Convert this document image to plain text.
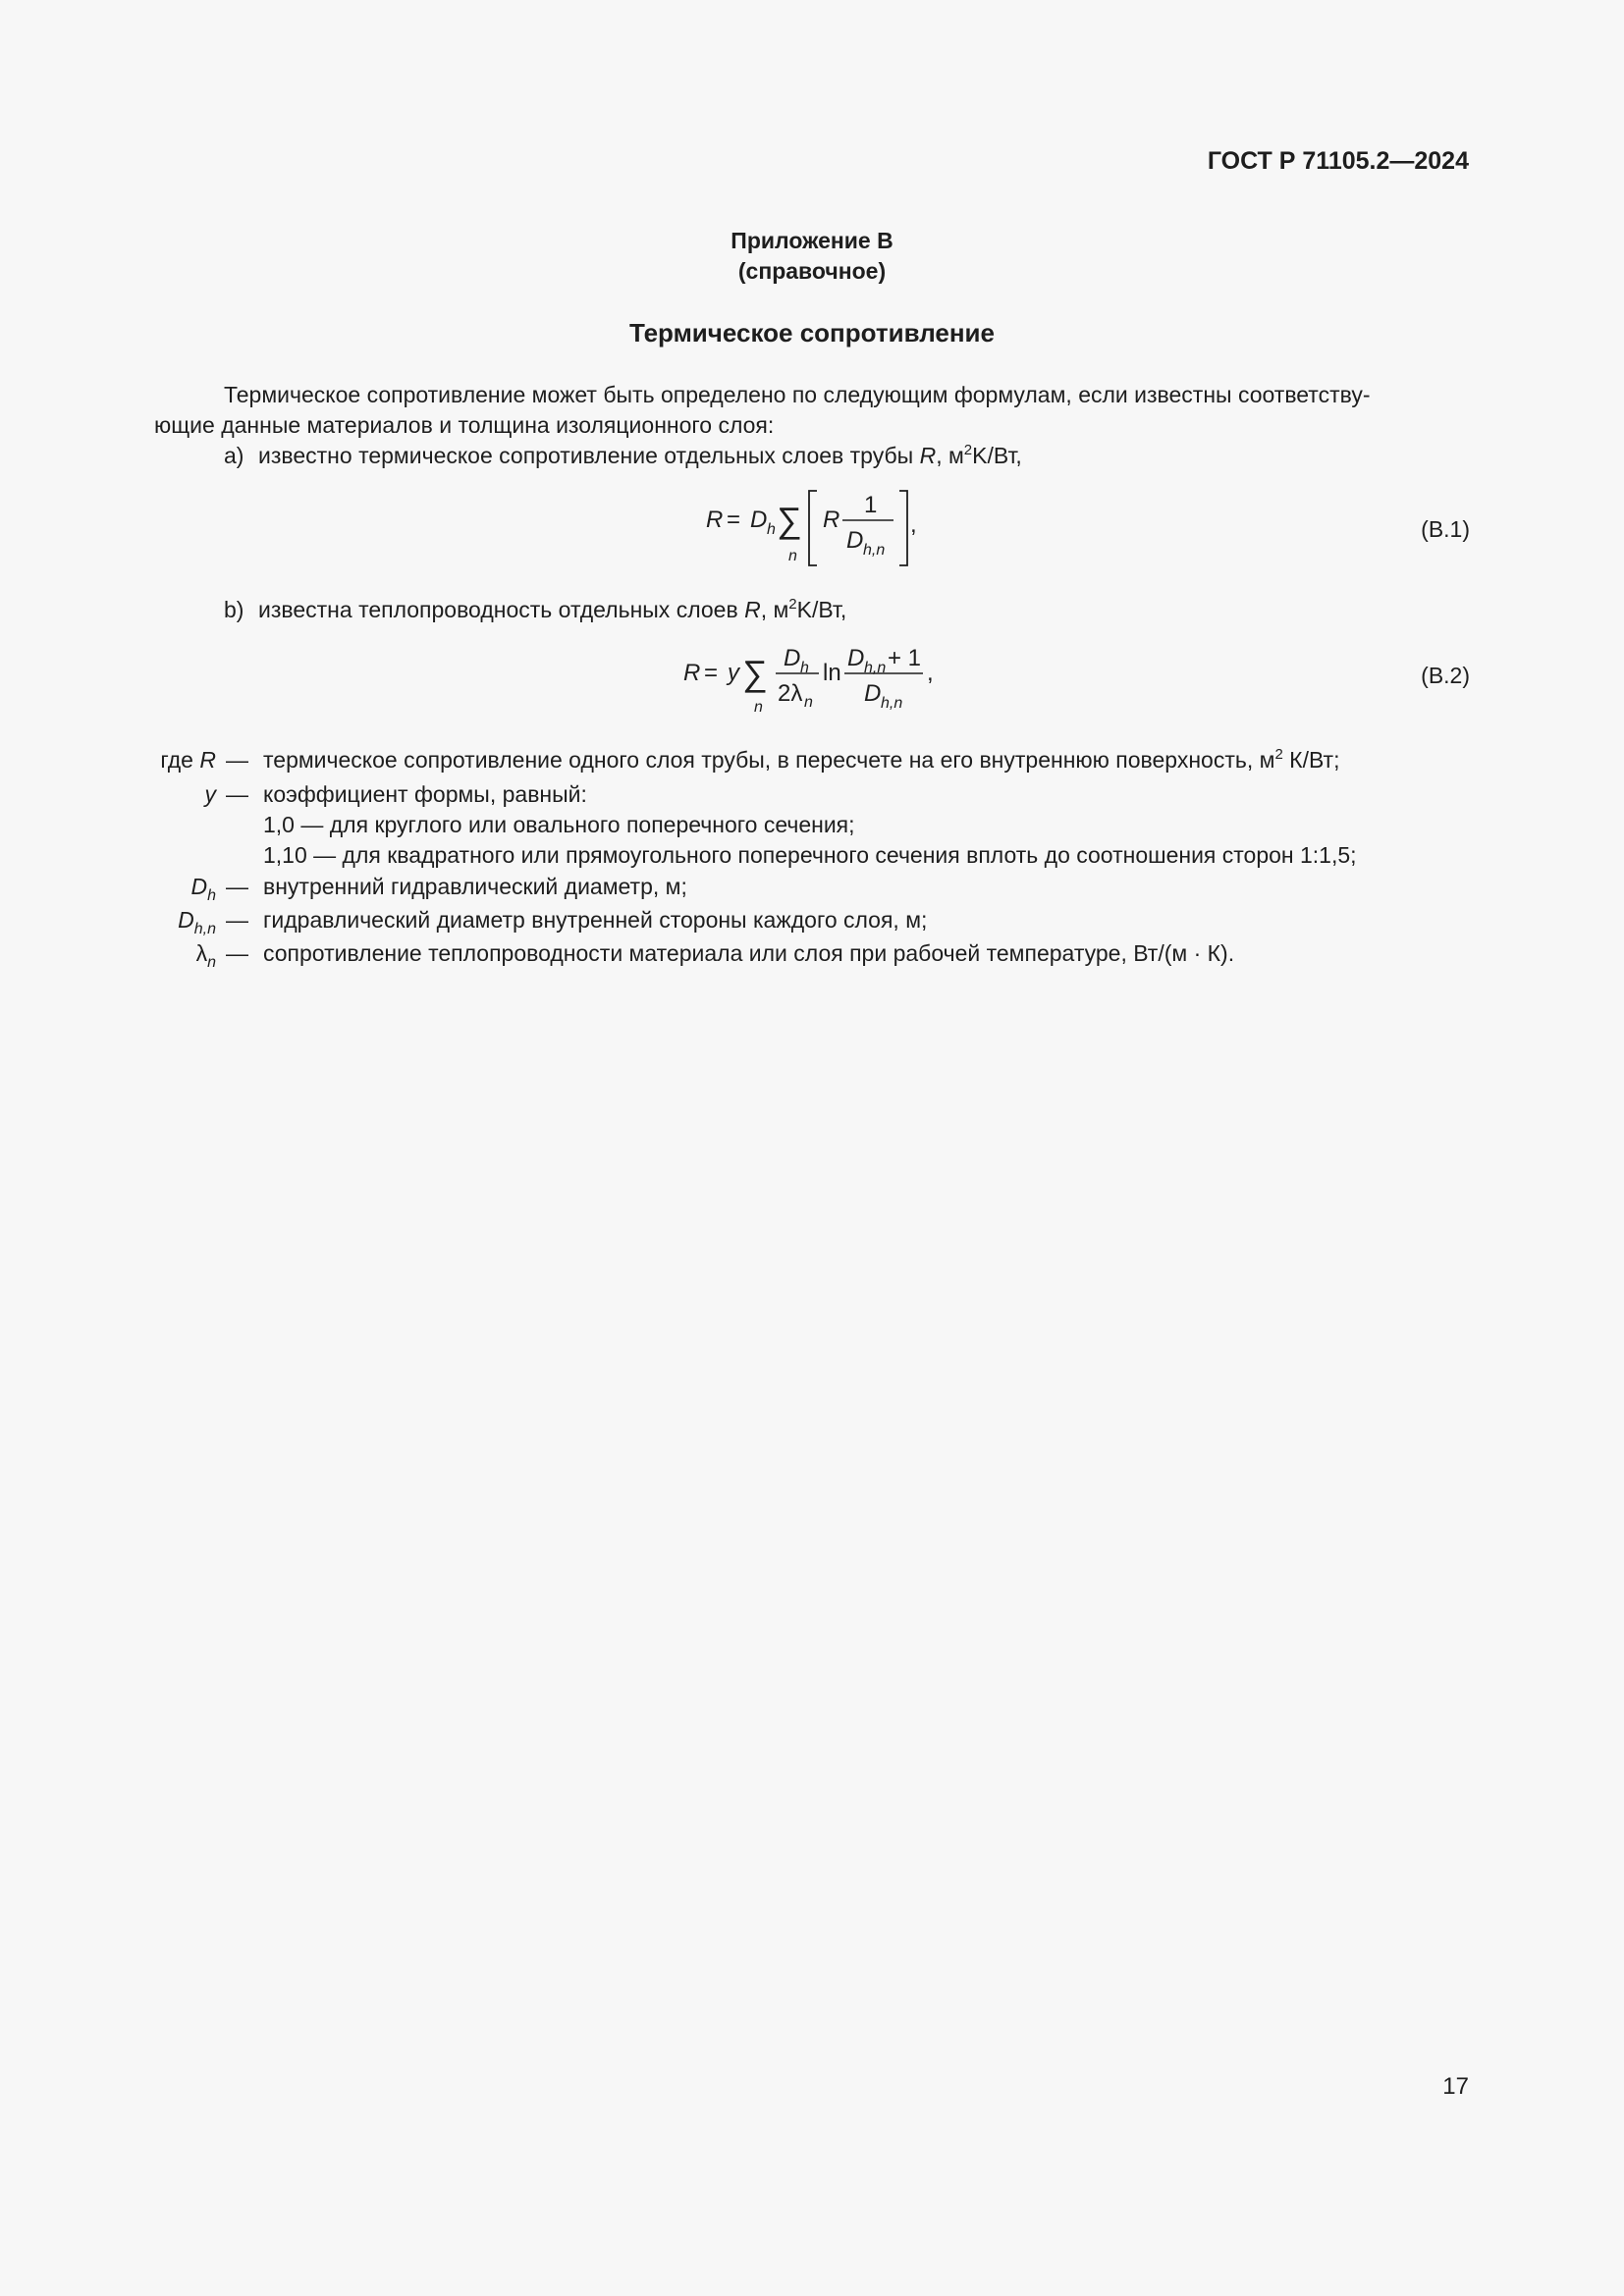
ГОСТ Р 71105.2—2024
Приложение В
(справочное)
Термическое сопротивление
Термическое сопротивление может быть определено по следующим формулам, если известны соответству-
ющие данные материалов и толщина изоляционного слоя:
а) известно термическое сопротивление отдельных слоев трубы R, $м^2K/Вт$,
R = D h ∑
n
R
1
D h,n
,	(В.1)
b) известна теплопроводность отдельных слоев R, $м^2K/Вт$,
R = y ∑
n
D h
2λ n
ln
D h,n + 1
D h,n
,	(В.2)
где R — термическое сопротивление одного слоя трубы, в пересчете на его внутреннюю поверхность, $м^2$ К/Вт;
y — коэффициент формы, равный:
1,0 — для круглого или овального поперечного сечения;
1,10 — для квадратного или прямоугольного поперечного сечения вплоть до соотношения сторон 1:1,5;
$D_h$ — внутренний гидравлический диаметр, м;
$D_{h,n}$ — гидравлический диаметр внутренней стороны каждого слоя, м;
$\lambda_n$ — сопротивление теплопроводности материала или слоя при рабочей температуре, Вт/(м · К).
17
